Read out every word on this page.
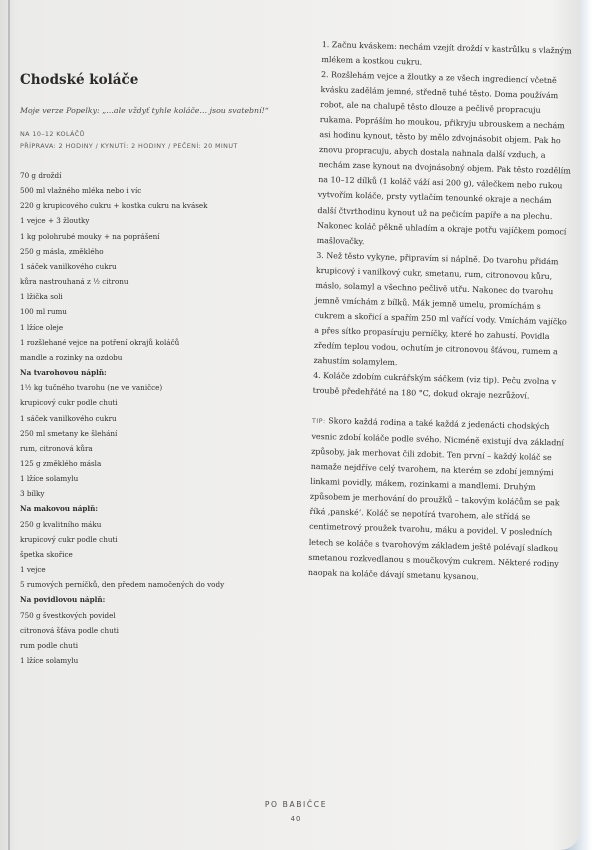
Chodské koláče

Moje verze Popelky: „…ale vždyť tyhle koláče… jsou svatební!“

NA 10–12 KOLÁČŮ

PŘÍPRAVA: 2 HODINY / KYNUTÍ: 2 HODINY / PEČENÍ: 20 MINUT

70 g droždí
500 ml vlažného mléka nebo i víc
220 g krupicového cukru + kostka cukru na kvásek
1 vejce + 3 žloutky
1 kg polohrubé mouky + na poprášení
250 g másla, změklého
1 sáček vanilkového cukru
kůra nastrouhaná z ½ citronu
1 lžička soli
100 ml rumu
1 lžíce oleje
1 rozšlehané vejce na potření okrajů koláčů
mandle a rozinky na ozdobu
Na tvarohovou náplň:
1½ kg tučného tvarohu (ne ve vaničce)
krupicový cukr podle chuti
1 sáček vanilkového cukru
250 ml smetany ke šlehání
rum, citronová kůra
125 g změklého másla
1 lžíce solamylu
3 bílky
Na makovou náplň:
250 g kvalitního máku
krupicový cukr podle chuti
špetka skořice
1 vejce
5 rumových perníčků, den předem namočených do vody
Na povidlovou náplň:
750 g švestkových povidel
citronová šťáva podle chuti
rum podle chuti
1 lžíce solamylu

1. Začnu kváskem: nechám vzejít droždí v kastrůlku s vlažným mlékem a kostkou cukru.

2. Rozšlehám vejce a žloutky a ze všech ingrediencí včetně kvásku zadělám jemné, středně tuhé těsto. Doma používám robot, ale na chalupě těsto dlouze a pečlivě propracuju rukama. Popráším ho moukou, přikryju ubrouskem a nechám asi hodinu kynout, těsto by mělo zdvojnásobit objem. Pak ho znovu propracuju, abych dostala nahnala další vzduch, a nechám zase kynout na dvojnásobný objem. Pak těsto rozdělím na 10–12 dílků (1 koláč váží asi 200 g), válečkem nebo rukou vytvořím koláče, prsty vytlačím tenounké okraje a nechám další čtvrthodinu kynout už na pečicím papíře a na plechu. Nakonec koláč pěkně uhladím a okraje potřu vajíčkem pomocí mašlovačky.

3. Než těsto vykyne, připravím si náplně. Do tvarohu přidám krupicový i vanilkový cukr, smetanu, rum, citronovou kůru, máslo, solamyl a všechno pečlivě utřu. Nakonec do tvarohu jemně vmíchám z bílků. Mák jemně umelu, promíchám s cukrem a skořicí a spařím 250 ml vařící vody. Vmíchám vajíčko a přes sítko propasíruju perníčky, které ho zahustí. Povidla zředím teplou vodou, ochutím je citronovou šťávou, rumem a zahustím solamylem.

4. Koláče zdobím cukrářským sáčkem (viz tip). Peču zvolna v troubě předehřáté na 180 °C, dokud okraje nezrůžoví.

TIP: Skoro každá rodina a také každá z jedenácti chodských vesnic zdobí koláče podle svého. Nicméně existují dva základní způsoby, jak merhovat čili zdobit. Ten první – každý koláč se namaže nejdříve celý tvarohem, na kterém se zdobí jemnými linkami povidly, mákem, rozinkami a mandlemi. Druhým způsobem je merhování do proužků – takovým koláčům se pak říká ‚panské‘. Koláč se nepotírá tvarohem, ale střídá se centimetrový proužek tvarohu, máku a povidel. V posledních letech se koláče s tvarohovým základem ještě polévají sladkou smetanou rozkvedlanou s moučkovým cukrem. Některé rodiny naopak na koláče dávají smetanu kysanou.

PO BABIČCE

40
